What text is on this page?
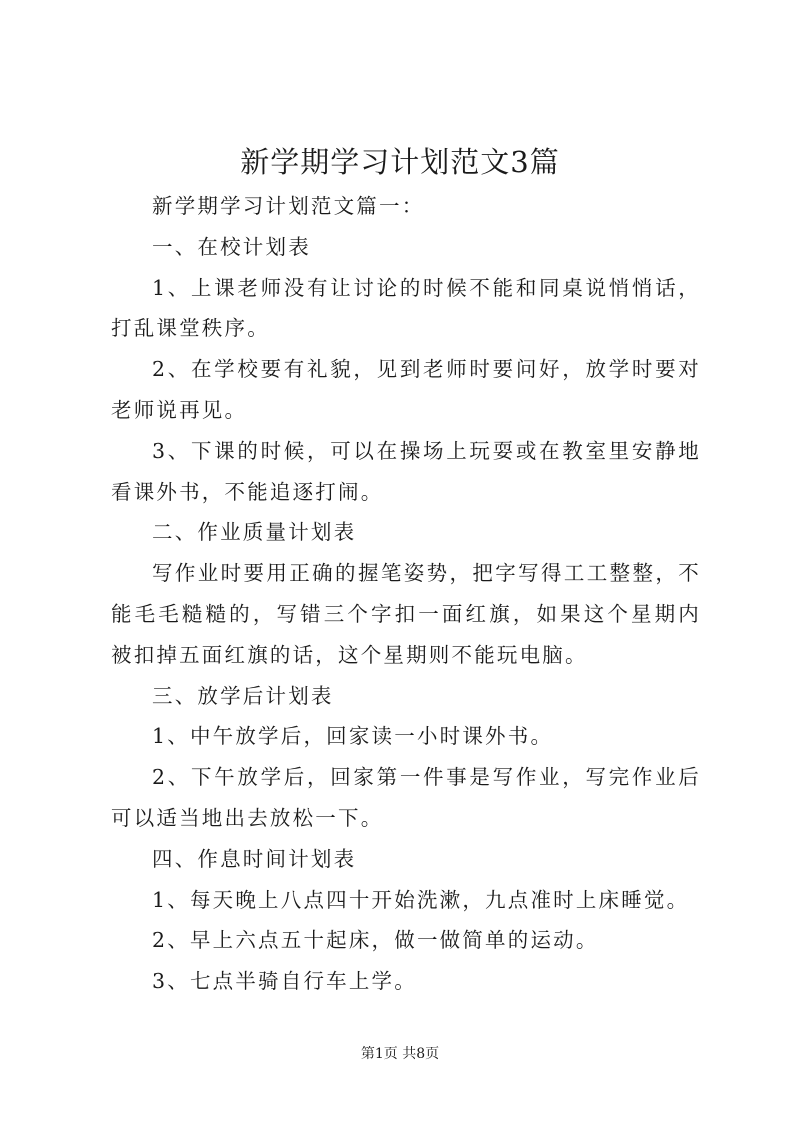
新学期学习计划范文3篇

新学期学习计划范文篇一：

一、在校计划表

1、上课老师没有让讨论的时候不能和同桌说悄悄话，打乱课堂秩序。

2、在学校要有礼貌，见到老师时要问好，放学时要对老师说再见。

3、下课的时候，可以在操场上玩耍或在教室里安静地看课外书，不能追逐打闹。

二、作业质量计划表

写作业时要用正确的握笔姿势，把字写得工工整整，不能毛毛糙糙的，写错三个字扣一面红旗，如果这个星期内被扣掉五面红旗的话，这个星期则不能玩电脑。

三、放学后计划表

1、中午放学后，回家读一小时课外书。

2、下午放学后，回家第一件事是写作业，写完作业后可以适当地出去放松一下。

四、作息时间计划表

1、每天晚上八点四十开始洗漱，九点准时上床睡觉。

2、早上六点五十起床，做一做简单的运动。

3、七点半骑自行车上学。

第1页 共8页
